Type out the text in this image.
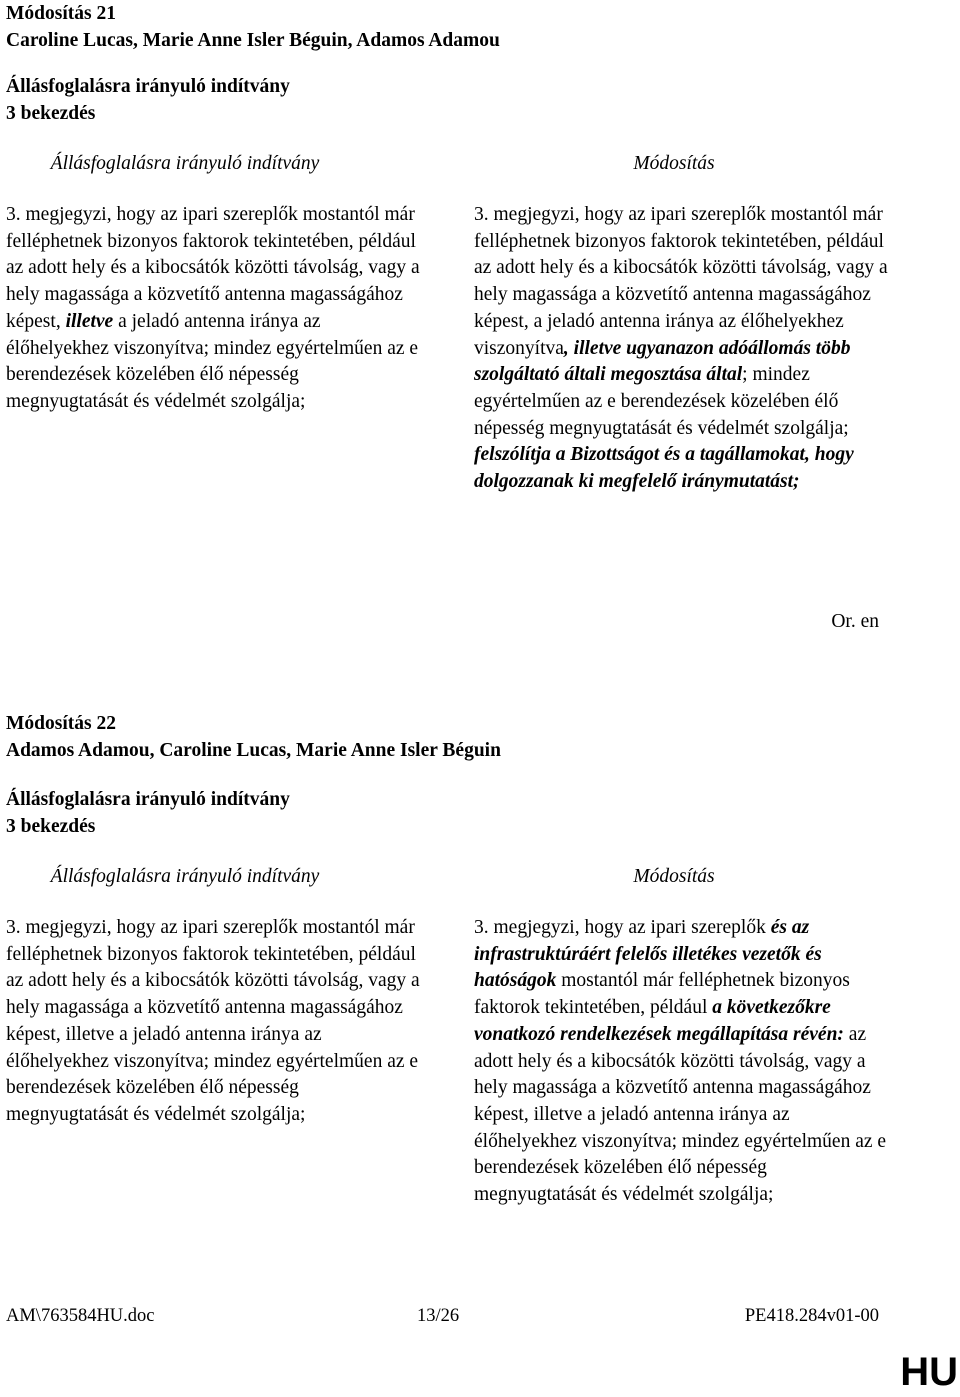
Módosítás 21

Caroline Lucas, Marie Anne Isler Béguin, Adamos Adamou

Állásfoglalásra irányuló indítvány

3 bekezdés

Állásfoglalásra irányuló indítvány	Módosítás

3. megjegyzi, hogy az ipari szereplők mostantól már felléphetnek bizonyos faktorok tekintetében, például az adott hely és a kibocsátók közötti távolság, vagy a hely magassága a közvetítő antenna magasságához képest, illetve a jeladó antenna iránya az élőhelyekhez viszonyítva; mindez egyértelműen az e berendezések közelében élő népesség megnyugtatását és védelmét szolgálja;

3. megjegyzi, hogy az ipari szereplők mostantól már felléphetnek bizonyos faktorok tekintetében, például az adott hely és a kibocsátók közötti távolság, vagy a hely magassága a közvetítő antenna magasságához képest, a jeladó antenna iránya az élőhelyekhez viszonyítva, illetve ugyanazon adóállomás több szolgáltató általi megosztása által; mindez egyértelműen az e berendezések közelében élő népesség megnyugtatását és védelmét szolgálja; felszólítja a Bizottságot és a tagállamokat, hogy dolgozzanak ki megfelelő iránymutatást;

Or. en

Módosítás 22

Adamos Adamou, Caroline Lucas, Marie Anne Isler Béguin

Állásfoglalásra irányuló indítvány

3 bekezdés

Állásfoglalásra irányuló indítvány	Módosítás

3. megjegyzi, hogy az ipari szereplők mostantól már felléphetnek bizonyos faktorok tekintetében, például az adott hely és a kibocsátók közötti távolság, vagy a hely magassága a közvetítő antenna magasságához képest, illetve a jeladó antenna iránya az élőhelyekhez viszonyítva; mindez egyértelműen az e berendezések közelében élő népesség megnyugtatását és védelmét szolgálja;

3. megjegyzi, hogy az ipari szereplők és az infrastruktúráért felelős illetékes vezetők és hatóságok mostantól már felléphetnek bizonyos faktorok tekintetében, például a következőkre vonatkozó rendelkezések megállapítása révén: az adott hely és a kibocsátók közötti távolság, vagy a hely magassága a közvetítő antenna magasságához képest, illetve a jeladó antenna iránya az élőhelyekhez viszonyítva; mindez egyértelműen az e berendezések közelében élő népesség megnyugtatását és védelmét szolgálja;

AM\763584HU.doc	13/26	PE418.284v01-00
HU
